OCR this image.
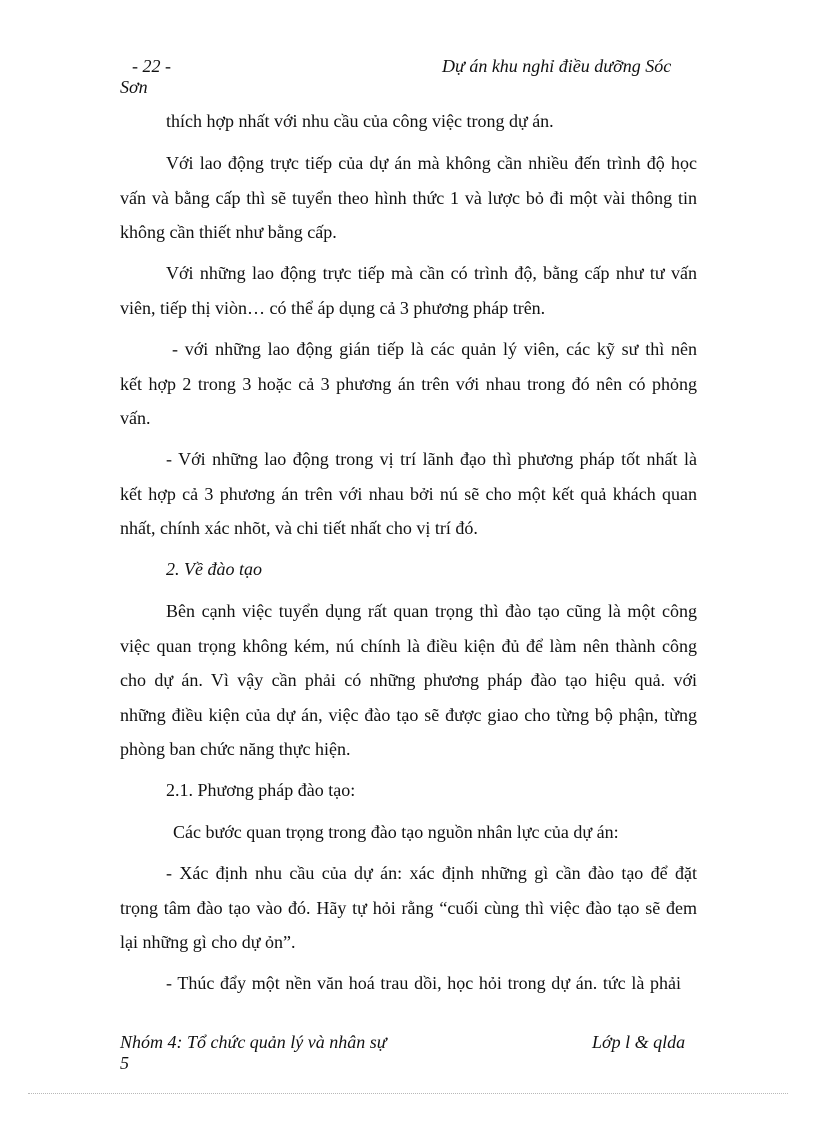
- 22 -	Dự án khu nghỉ điều dưỡng Sóc
Sơn
thích hợp nhất với nhu cầu của công việc trong dự án.
Với lao động trực tiếp của dự án mà không cần nhiều đến trình độ học
vấn và bằng cấp thì sẽ tuyển theo hình thức 1 và lược bỏ đi một vài thông tin
không cần thiết như bằng cấp.
Với những lao động trực tiếp mà cần có trình độ, bằng cấp như tư vấn
viên, tiếp thị viòn… có thể áp dụng cả 3 phương pháp trên.
- với những lao động gián tiếp là các quản lý viên, các kỹ sư thì nên
kết hợp 2 trong 3 hoặc cả 3 phương án trên với nhau trong đó nên có phỏng
vấn.
- Với những lao động trong vị trí lãnh đạo thì phương pháp tốt nhất là
kết hợp cả 3 phương án trên với nhau bởi nú sẽ cho một kết quả khách quan
nhất, chính xác nhõt, và chi tiết nhất cho vị trí đó.
2. Về đào tạo
Bên cạnh việc tuyển dụng rất quan trọng thì đào tạo cũng là một công
việc quan trọng không kém, nú chính là điều kiện đủ để làm nên thành công
cho dự án. Vì vậy cần phải có những phương pháp đào tạo hiệu quả. với
những điều kiện của dự án, việc đào tạo sẽ được giao cho từng bộ phận, từng
phòng ban chức năng thực hiện.
2.1. Phương pháp đào tạo:
Các bước quan trọng trong đào tạo nguồn nhân lực của dự án:
- Xác định nhu cầu của dự án: xác định những gì cần đào tạo để đặt
trọng tâm đào tạo vào đó. Hãy tự hỏi rằng “cuối cùng thì việc đào tạo sẽ đem
lại những gì cho dự ỏn”.
- Thúc đẩy một nền văn hoá trau dồi, học hỏi trong dự án. tức là phải
Nhóm 4: Tổ chức quản lý và nhân sự	Lớp l & qlda
5
